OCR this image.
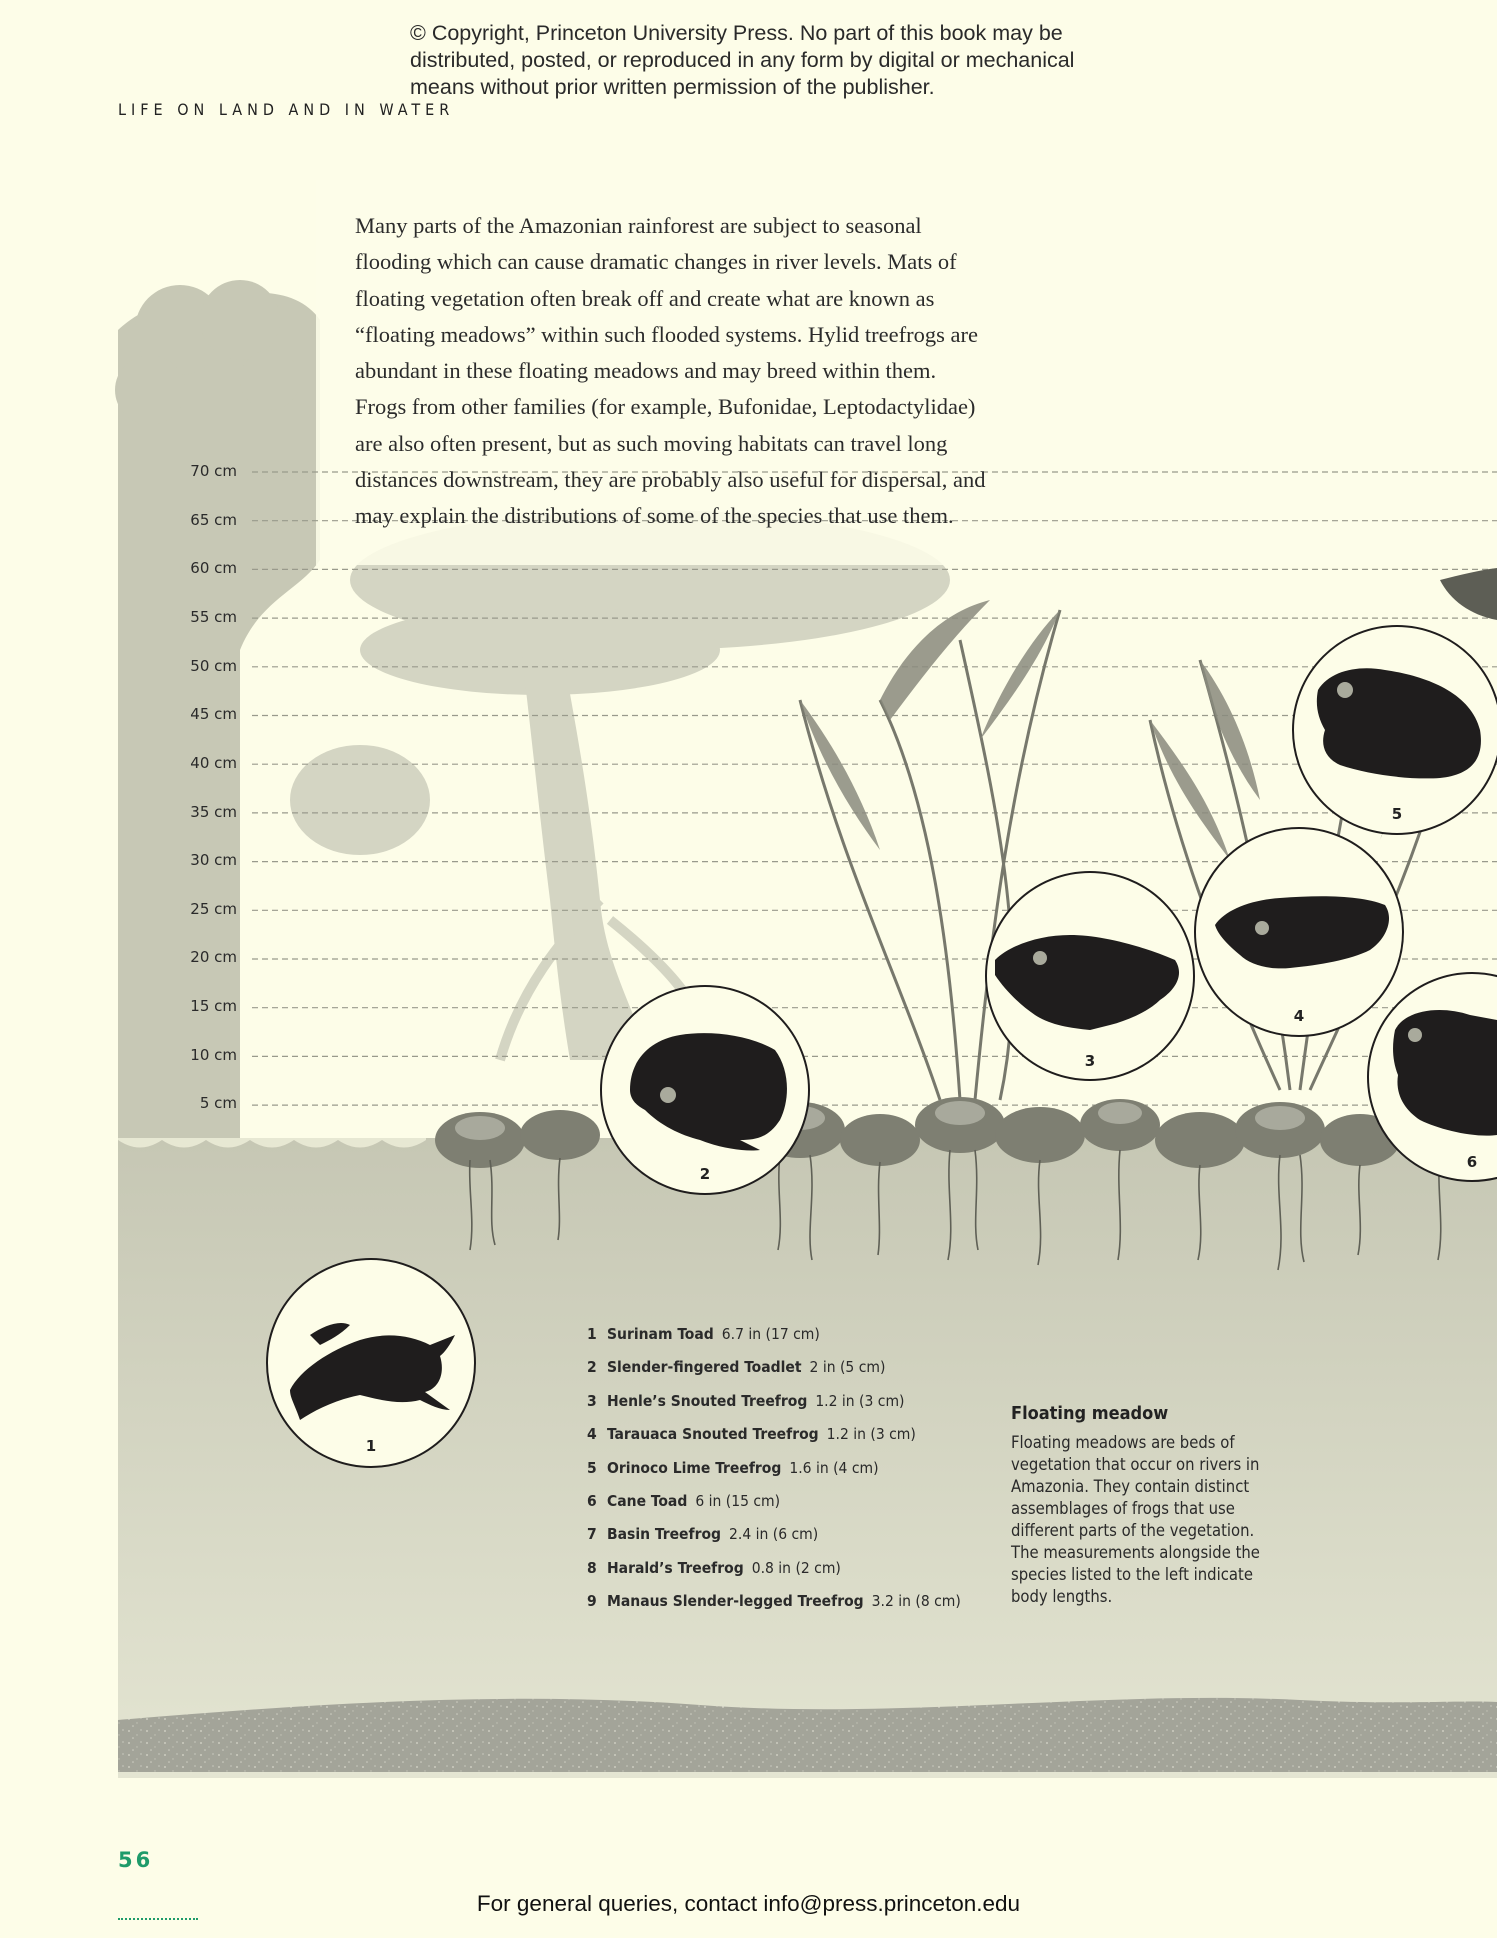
© Copyright, Princeton University Press. No part of this book may be
distributed, posted, or reproduced in any form by digital or mechanical
means without prior written permission of the publisher.
LIFE ON LAND AND IN WATER

Many parts of the Amazonian rainforest are subject to seasonal

flooding which can cause dramatic changes in river levels. Mats of

floating vegetation often break off and create what are known as

“floating meadows” within such flooded systems. Hylid treefrogs are

abundant in these floating meadows and may breed within them.

Frogs from other families (for example, Bufonidae, Leptodactylidae)

are also often present, but as such moving habitats can travel long

distances downstream, they are probably also useful for dispersal, and

may explain the distributions of some of the species that use them.

70 cm
65 cm
60 cm
55 cm
50 cm
45 cm
40 cm
35 cm
30 cm
25 cm
20 cm
15 cm
10 cm
5 cm
1
2
3
4
5
6
1 Surinam Toad 6.7 in (17 cm)
2 Slender-fingered Toadlet 2 in (5 cm)
3 Henle’s Snouted Treefrog 1.2 in (3 cm)
4 Tarauaca Snouted Treefrog 1.2 in (3 cm)
5 Orinoco Lime Treefrog 1.6 in (4 cm)
6 Cane Toad 6 in (15 cm)
7 Basin Treefrog 2.4 in (6 cm)
8 Harald’s Treefrog 0.8 in (2 cm)
9 Manaus Slender-legged Treefrog 3.2 in (8 cm)
Floating meadow

Floating meadows are beds of vegetation that occur on rivers in Amazonia. They contain distinct assemblages of frogs that use different parts of the vegetation. The measurements alongside the species listed to the left indicate body lengths.

56
For general queries, contact info@press.princeton.edu
